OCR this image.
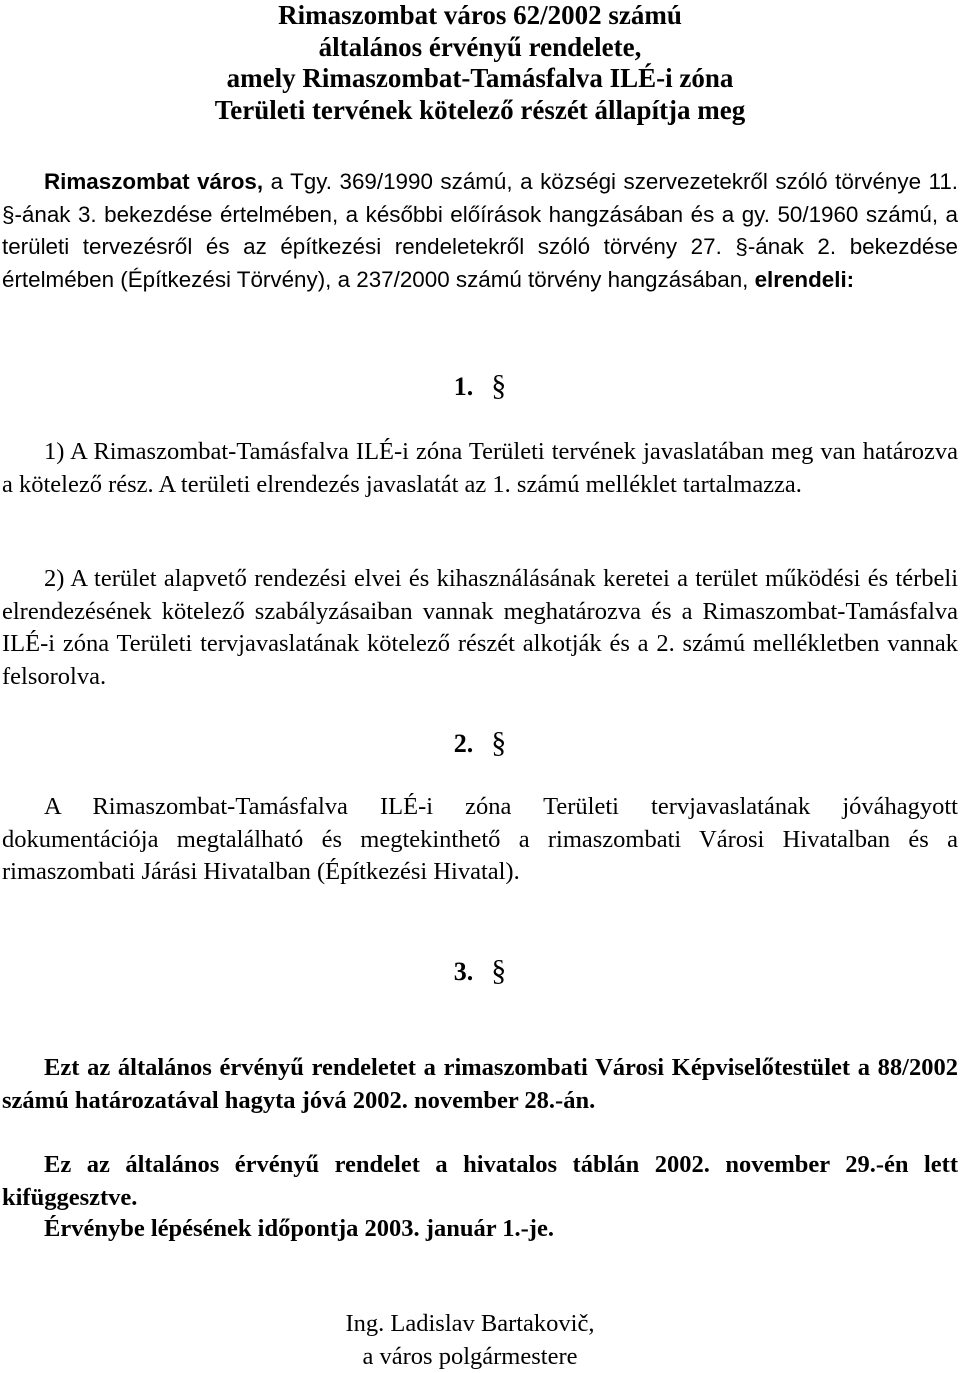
Rimaszombat város 62/2002 számú
általános érvényű rendelete,
amely Rimaszombat-Tamásfalva ILÉ-i zóna
Területi tervének kötelező részét állapítja meg

Rimaszombat város, a Tgy. 369/1990 számú, a községi szervezetekről szóló törvénye 11. §-ának 3. bekezdése értelmében, a későbbi előírások hangzásában és a gy. 50/1960 számú, a területi tervezésről és az építkezési rendeletekről szóló törvény 27. §-ának 2. bekezdése értelmében (Építkezési Törvény), a 237/2000 számú törvény hangzásában, elrendeli:

1. §

1) A Rimaszombat-Tamásfalva ILÉ-i zóna Területi tervének javaslatában meg van határozva a kötelező rész. A területi elrendezés javaslatát az 1. számú melléklet tartalmazza.

2) A terület alapvető rendezési elvei és kihasználásának keretei a terület működési és térbeli elrendezésének kötelező szabályzásaiban vannak meghatározva és a Rimaszombat-Tamásfalva ILÉ-i zóna Területi tervjavaslatának kötelező részét alkotják és a 2. számú mellékletben vannak felsorolva.

2. §

A Rimaszombat-Tamásfalva ILÉ-i zóna Területi tervjavaslatának jóváhagyott dokumentációja megtalálható és megtekinthető a rimaszombati Városi Hivatalban és a rimaszombati Járási Hivatalban (Építkezési Hivatal).

3. §

Ezt az általános érvényű rendeletet a rimaszombati Városi Képviselőtestület a 88/2002 számú határozatával hagyta jóvá 2002. november 28.-án.

Ez az általános érvényű rendelet a hivatalos táblán 2002. november 29.-én lett kifüggesztve.

Érvénybe lépésének időpontja 2003. január 1.-je.

Ing. Ladislav Bartakovič,
a város polgármestere
